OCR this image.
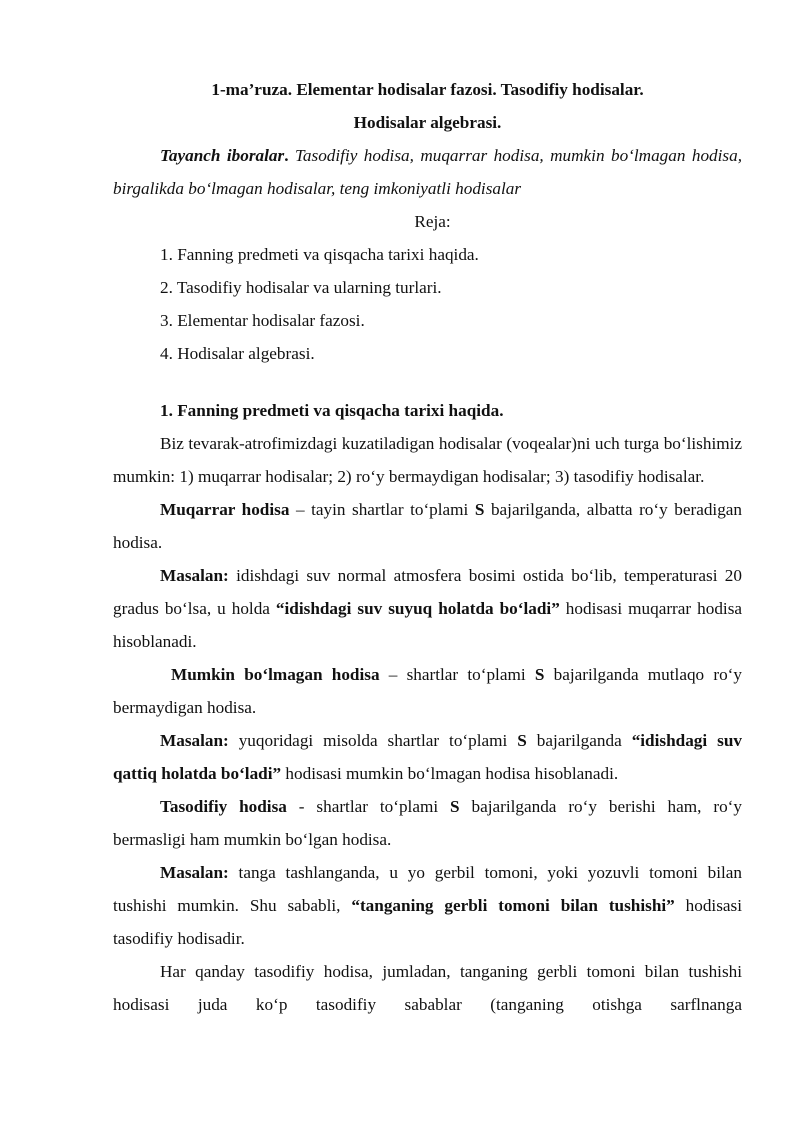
1-ma’ruza. Elementar hodisalar fazosi. Tasodifiy hodisalar.

Hodisalar algebrasi.

Tayanch iboralar. Tasodifiy hodisa, muqarrar hodisa, mumkin bo‘lmagan hodisa, birgalikda bo‘lmagan hodisalar, teng imkoniyatli hodisalar

Reja:

1. Fanning predmeti va qisqacha tarixi haqida.

2. Tasodifiy hodisalar va ularning turlari.

3. Elementar hodisalar fazosi.

4. Hodisalar algebrasi.

1. Fanning predmeti va qisqacha tarixi haqida.

Biz tevarak-atrofimizdagi kuzatiladigan hodisalar (voqealar)ni uch turga bo‘lishimiz mumkin: 1) muqarrar hodisalar; 2) ro‘y bermaydigan hodisalar; 3) tasodifiy hodisalar.

Muqarrar hodisa – tayin shartlar to‘plami S bajarilganda, albatta ro‘y beradigan hodisa.

Masalan: idishdagi suv normal atmosfera bosimi ostida bo‘lib, temperaturasi 20 gradus bo‘lsa, u holda “idishdagi suv suyuq holatda bo‘ladi” hodisasi muqarrar hodisa hisoblanadi.

Mumkin bo‘lmagan hodisa – shartlar to‘plami S bajarilganda mutlaqo ro‘y bermaydigan hodisa.

Masalan: yuqoridagi misolda shartlar to‘plami S bajarilganda “idishdagi suv qattiq holatda bo‘ladi” hodisasi mumkin bo‘lmagan hodisa hisoblanadi.

Tasodifiy hodisa - shartlar to‘plami S bajarilganda ro‘y berishi ham, ro‘y bermasligi ham mumkin bo‘lgan hodisa.

Masalan: tanga tashlanganda, u yo gerbil tomoni, yoki yozuvli tomoni bilan tushishi mumkin. Shu sababli, “tanganing gerbli tomoni bilan tushishi” hodisasi tasodifiy hodisadir.

Har qanday tasodifiy hodisa, jumladan, tanganing gerbli tomoni bilan tushishi hodisasi juda ko‘p tasodifiy sabablar (tanganing otishga sarflnanga
